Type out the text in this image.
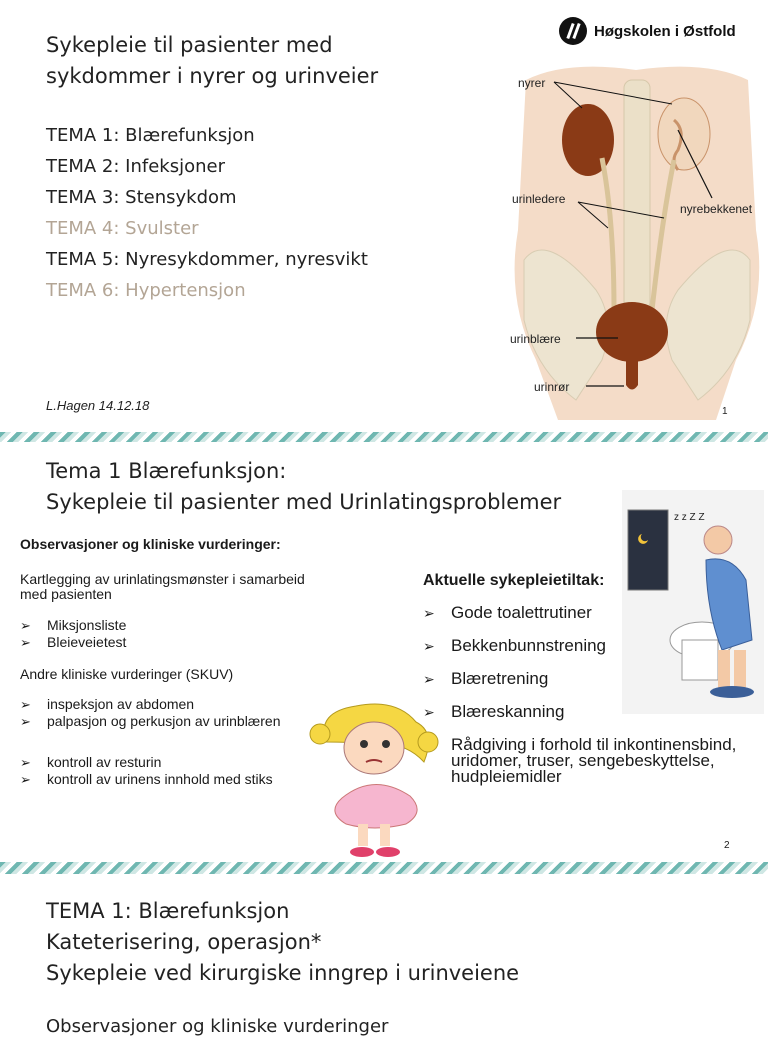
Sykepleie til pasienter med
sykdommer i nyrer og urinveier
TEMA 1: Blærefunksjon
TEMA 2: Infeksjoner
TEMA 3: Stensykdom
TEMA 4: Svulster
TEMA 5: Nyresykdommer, nyresvikt
TEMA 6: Hypertensjon
L.Hagen 14.12.18	1
Høgskolen i Østfold
nyrer
urinledere
nyrebekkenet
urinblære
urinrør
Tema 1 Blærefunksjon:
Sykepleie til pasienter med Urinlatingsproblemer
Observasjoner og kliniske vurderinger:
Kartlegging av urinlatingsmønster i samarbeid med pasienten
➢ Miksjonsliste
➢ Bleieveietest
Andre kliniske vurderinger (SKUV)
➢ inspeksjon av abdomen
➢ palpasjon og perkusjon av urinblæren
➢ kontroll av resturin
➢ kontroll av urinens innhold med stiks
Aktuelle sykepleietiltak:
➢ Gode toalettrutiner
➢ Bekkenbunnstrening
➢ Blæretrening
➢ Blæreskanning
Rådgiving i forhold til inkontinensbind, uridomer, truser, sengebeskyttelse, hudpleiemidler
2
z z Z Z
TEMA 1: Blærefunksjon
Kateterisering, operasjon*
Sykepleie ved kirurgiske inngrep i urinveiene
Observasjoner og kliniske vurderinger
